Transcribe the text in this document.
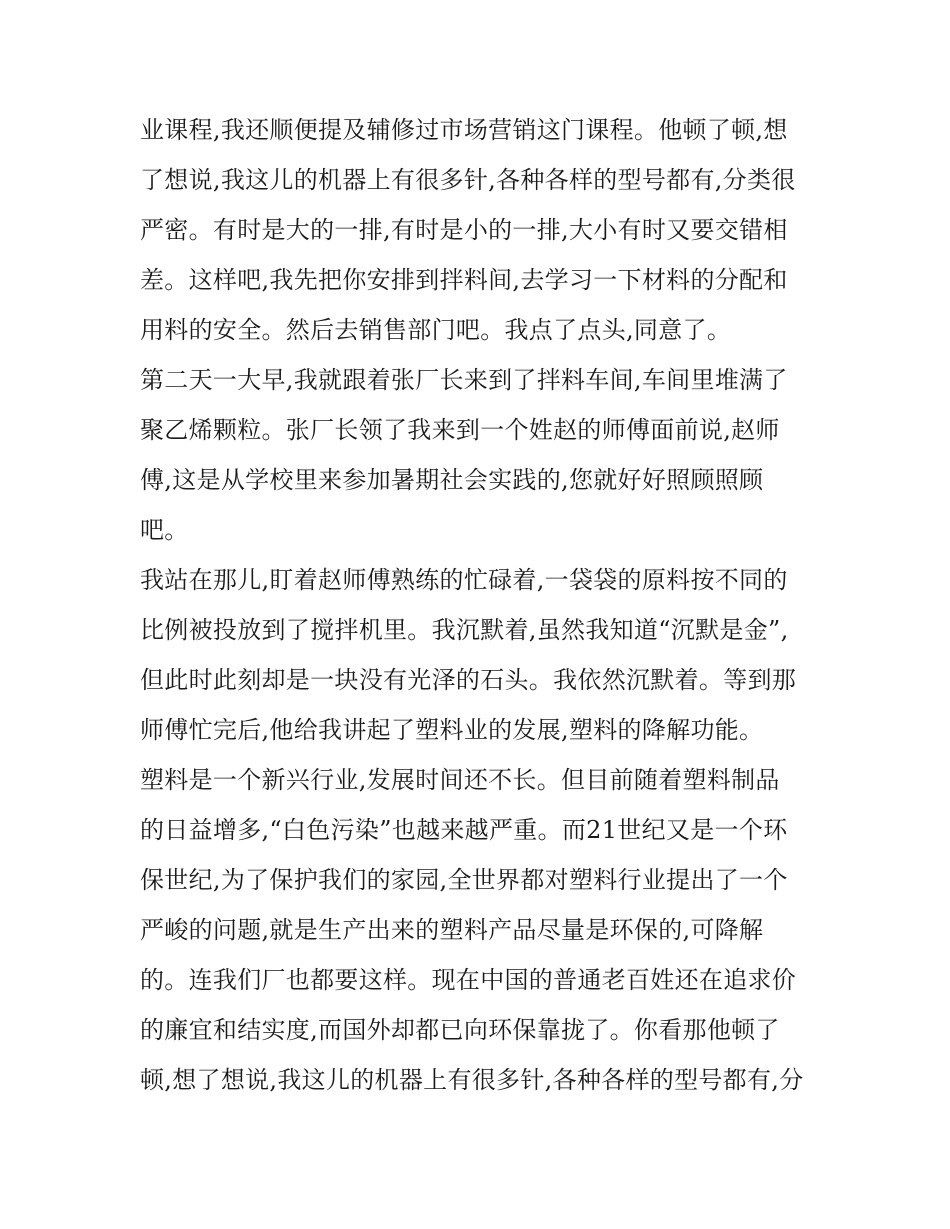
业课程,我还顺便提及辅修过市场营销这门课程。他顿了顿,想
了想说,我这儿的机器上有很多针,各种各样的型号都有,分类很
严密。有时是大的一排,有时是小的一排,大小有时又要交错相
差。这样吧,我先把你安排到拌料间,去学习一下材料的分配和
用料的安全。然后去销售部门吧。我点了点头,同意了。
第二天一大早,我就跟着张厂长来到了拌料车间,车间里堆满了
聚乙烯颗粒。张厂长领了我来到一个姓赵的师傅面前说,赵师
傅,这是从学校里来参加暑期社会实践的,您就好好照顾照顾
吧。
我站在那儿,盯着赵师傅熟练的忙碌着,一袋袋的原料按不同的
比例被投放到了搅拌机里。我沉默着,虽然我知道“沉默是金”,
但此时此刻却是一块没有光泽的石头。我依然沉默着。等到那
师傅忙完后,他给我讲起了塑料业的发展,塑料的降解功能。
塑料是一个新兴行业,发展时间还不长。但目前随着塑料制品
的日益增多,“白色污染”也越来越严重。而21世纪又是一个环
保世纪,为了保护我们的家园,全世界都对塑料行业提出了一个
严峻的问题,就是生产出来的塑料产品尽量是环保的,可降解
的。连我们厂也都要这样。现在中国的普通老百姓还在追求价
的廉宜和结实度,而国外却都已向环保靠拢了。你看那他顿了
顿,想了想说,我这儿的机器上有很多针,各种各样的型号都有,分
